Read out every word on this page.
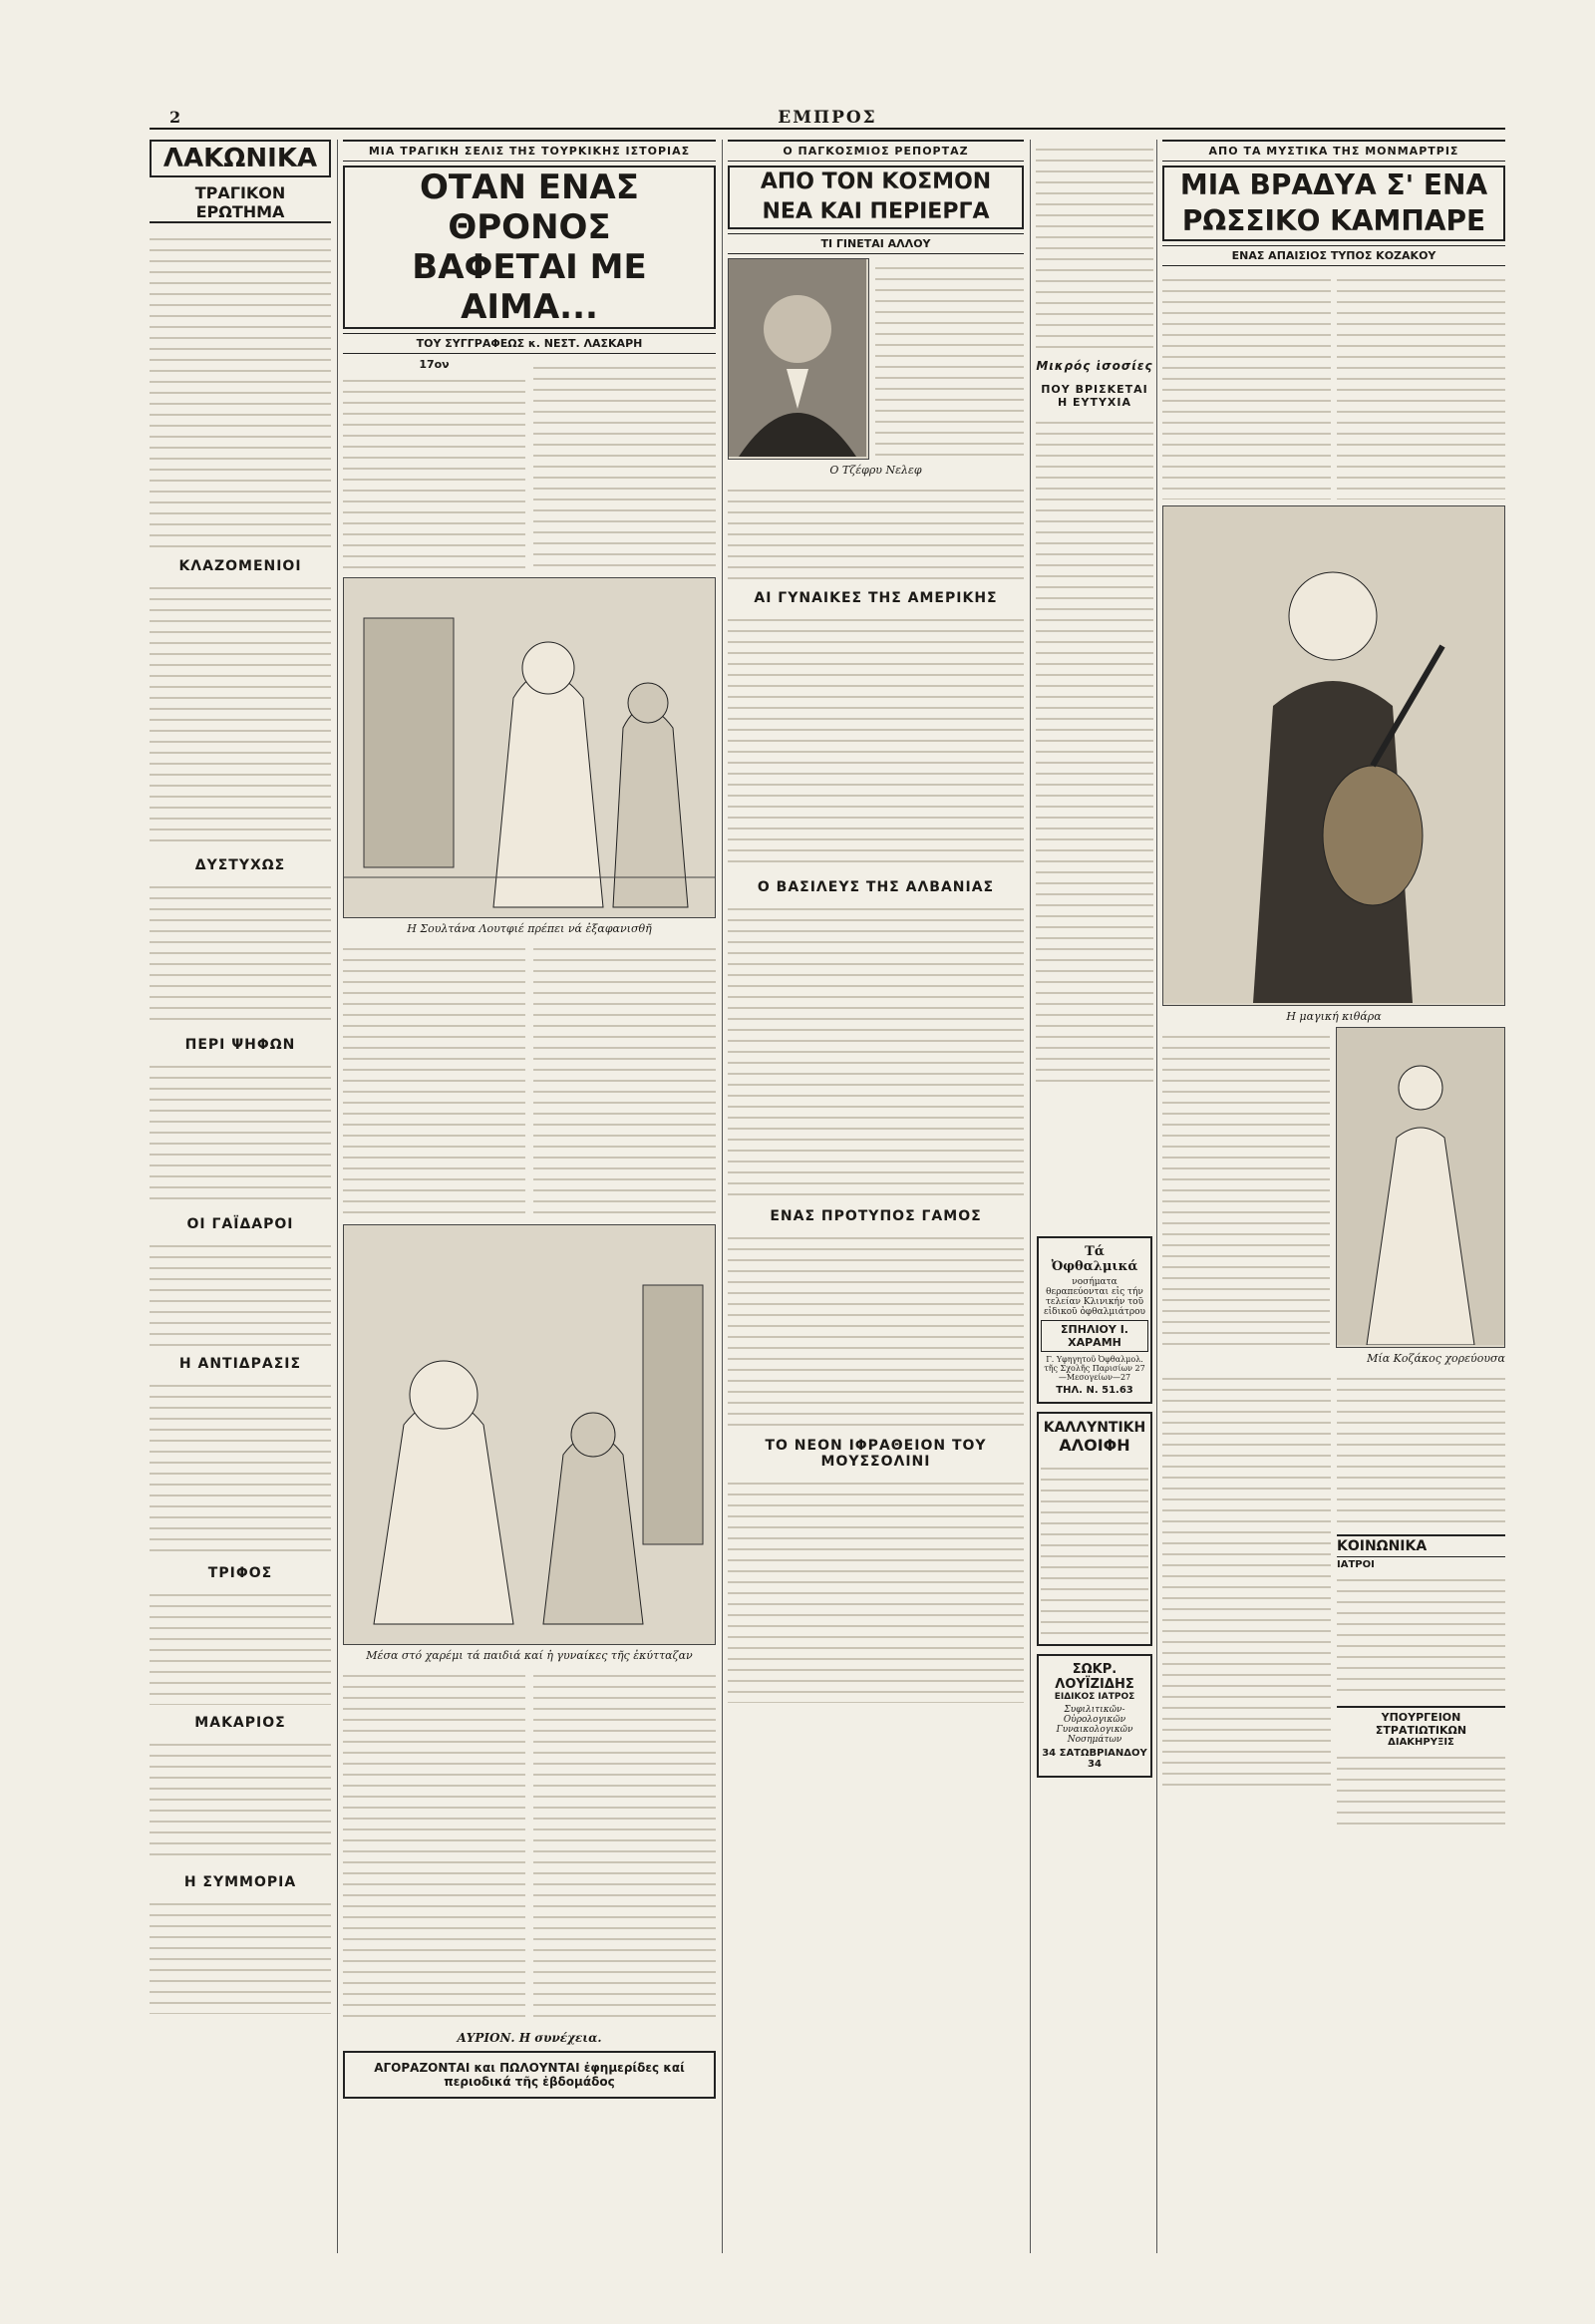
2	ΕΜΠΡΟΣ
ΛΑΚΩΝΙΚΑ
ΤΡΑΓΙΚΟΝ ΕΡΩΤΗΜΑ
ΚΛΑΖΟΜΕΝΙΟΙ
ΔΥΣΤΥΧΩΣ
ΠΕΡΙ ΨΗΦΩΝ
ΟΙ ΓΑΪΔΑΡΟΙ
Η ΑΝΤΙΔΡΑΣΙΣ
ΤΡΙΦΟΣ
ΜΑΚΑΡΙΟΣ
Η ΣΥΜΜΟΡΙΑ
ΜΙΑ ΤΡΑΓΙΚΗ ΣΕΛΙΣ ΤΗΣ ΤΟΥΡΚΙΚΗΣ ΙΣΤΟΡΙΑΣ
ΟΤΑΝ ΕΝΑΣ ΘΡΟΝΟΣ
ΒΑΦΕΤΑΙ ΜΕ ΑΙΜΑ...
ΤΟΥ ΣΥΓΓΡΑΦΕΩΣ κ. ΝΕΣΤ. ΛΑΣΚΑΡΗ
17ον
Η Σουλτάνα Λουτφιέ πρέπει νά ἐξαφανισθῆ
Μέσα στό χαρέμι τά παιδιά καί ἡ γυναίκες τῆς ἐκύτταζαν
ΑΥΡΙΟΝ. Η συνέχεια.
ΑΓΟΡΑΖΟΝΤΑΙ και ΠΩΛΟΥΝΤΑΙ ἐφημερίδες καί περιοδικά τῆς ἑβδομάδος
Ο ΠΑΓΚΟΣΜΙΟΣ ΡΕΠΟΡΤΑΖ
ΑΠΟ ΤΟΝ ΚΟΣΜΟΝ
ΝΕΑ ΚΑΙ ΠΕΡΙΕΡΓΑ
ΤΙ ΓΙΝΕΤΑΙ ΑΛΛΟΥ
Ο Τζέφρυ Νελεφ
ΑΙ ΓΥΝΑΙΚΕΣ ΤΗΣ ΑΜΕΡΙΚΗΣ
Ο ΒΑΣΙΛΕΥΣ ΤΗΣ ΑΛΒΑΝΙΑΣ
ΕΝΑΣ ΠΡΟΤΥΠΟΣ ΓΑΜΟΣ
ΤΟ ΝΕΟΝ ΙΦΡΑΘΕΙΟΝ ΤΟΥ ΜΟΥΣΣΟΛΙΝΙ
Μικρός ἰσοσίες
ΠΟΥ ΒΡΙΣΚΕΤΑΙ Η ΕΥΤΥΧΙΑ
Τά Ὀφθαλμικά
νοσήματα θεραπεύονται εἰς τήν τελείαν Κλινικήν τοῦ εἰδικοῦ ὀφθαλμιάτρου
ΣΠΗΛΙΟΥ Ι. ΧΑΡΑΜΗ
Γ. Υφηγητοῦ Ὀφθαλμολ. τῆς Σχολῆς Παρισίων 27—Μεσογείων—27
ΤΗΛ. Ν. 51.63
ΚΑΛΛΥΝΤΙΚΗ
ΑΛΟΙΦΗ
ΣΩΚΡ. ΛΟΥΪΖΙΔΗΣ
ΕΙΔΙΚΟΣ ΙΑΤΡΟΣ
Συφιλιτικῶν-Οὐρολογικῶν Γυναικολογικῶν Νοσημάτων
34 ΣΑΤΩΒΡΙΑΝΔΟΥ 34
ΑΠΟ ΤΑ ΜΥΣΤΙΚΑ ΤΗΣ ΜΟΝΜΑΡΤΡΙΣ
ΜΙΑ ΒΡΑΔΥΑ Σ' ΕΝΑ
ΡΩΣΣΙΚΟ ΚΑΜΠΑΡΕ
ΕΝΑΣ ΑΠΑΙΣΙΟΣ ΤΥΠΟΣ ΚΟΖΑΚΟΥ
Η μαγική κιθάρα
Μία Κοζάκος χορεύουσα
ΚΟΙΝΩΝΙΚΑ
ΙΑΤΡΟΙ
ΥΠΟΥΡΓΕΙΟΝ ΣΤΡΑΤΙΩΤΙΚΩΝ
ΔΙΑΚΗΡΥΞΙΣ
